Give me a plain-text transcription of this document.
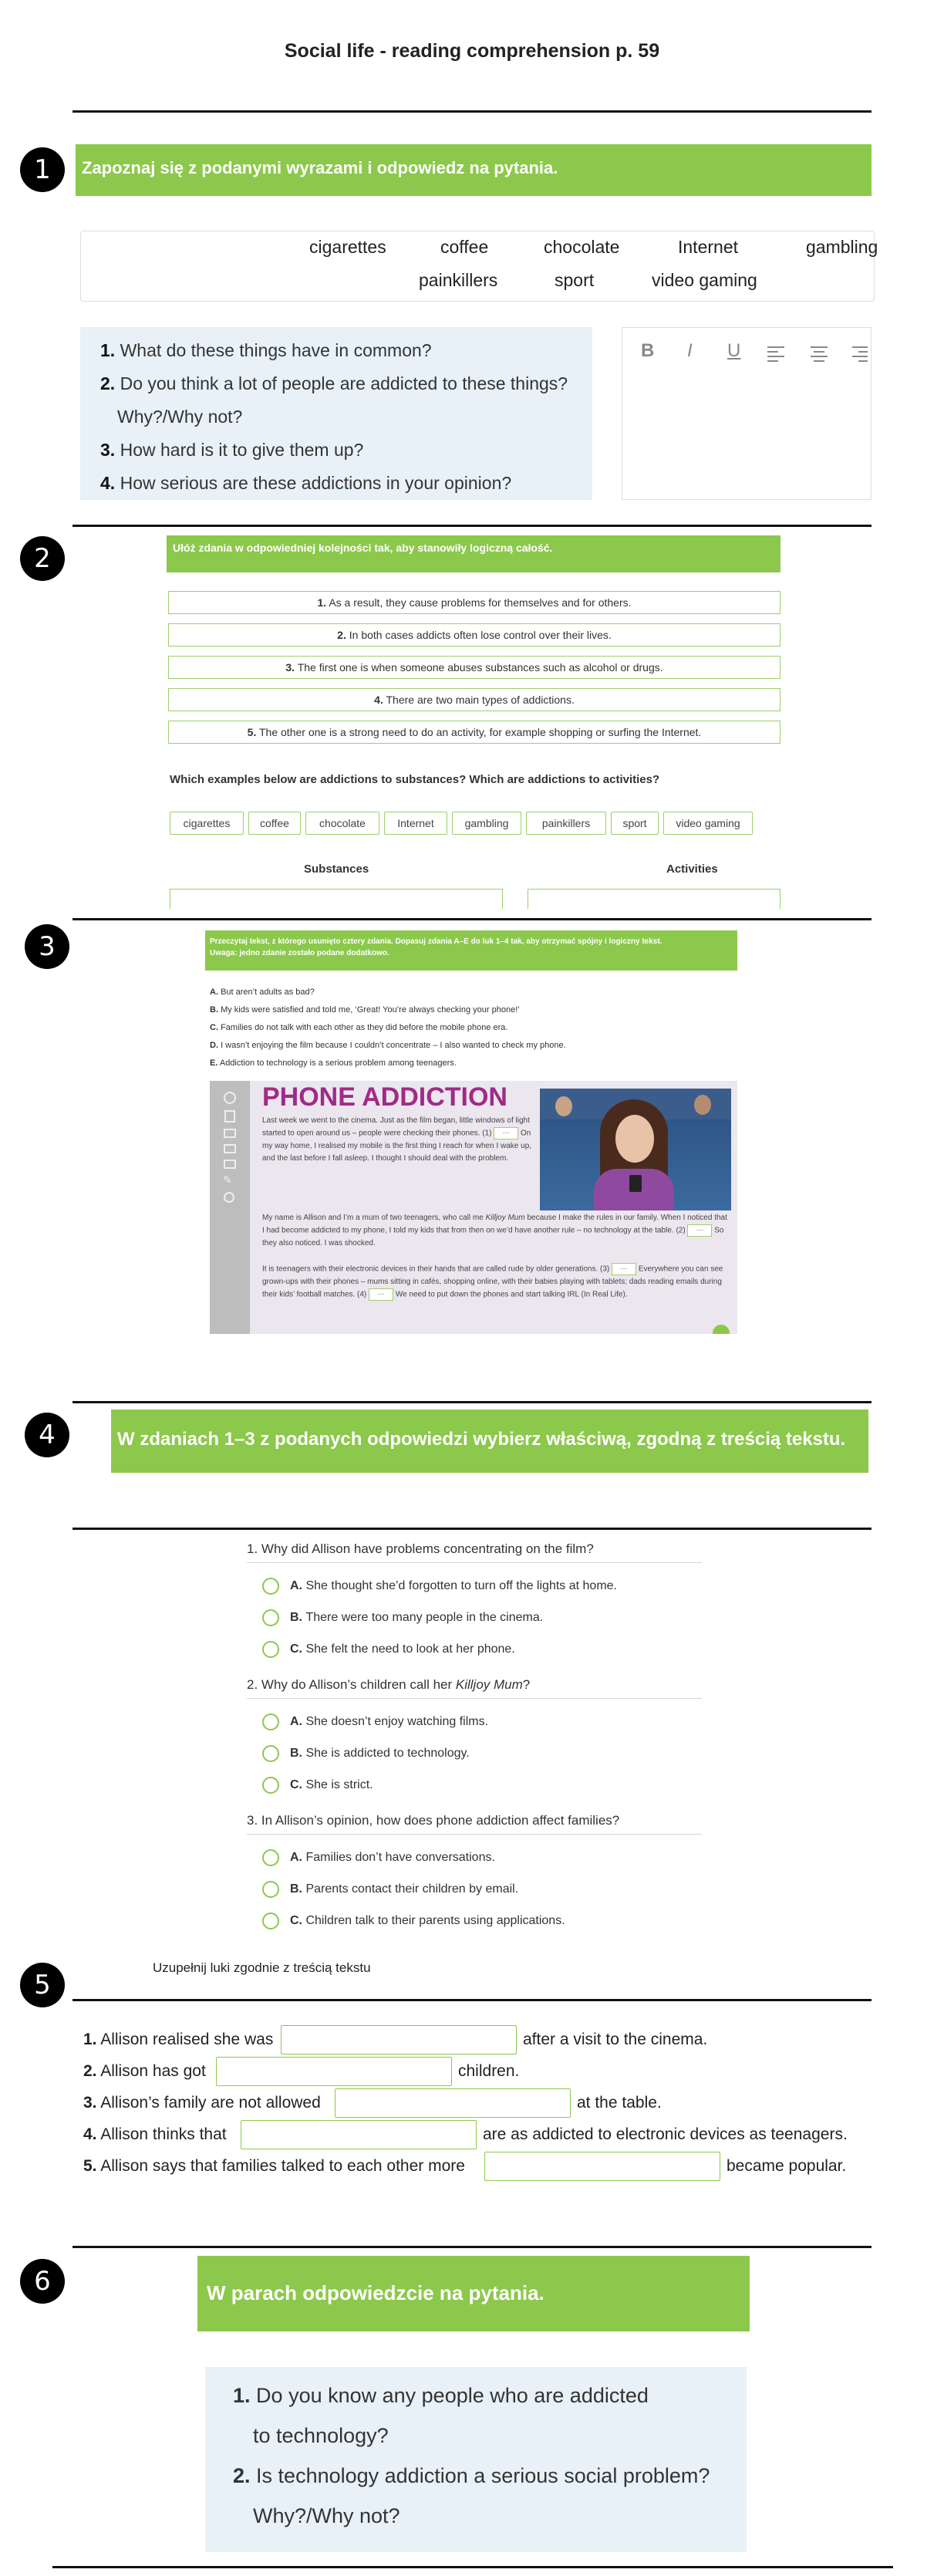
Social life - reading comprehension p. 59
1	Zapoznaj się z podanymi wyrazami i odpowiedz na pytania.
cigarettes	coffee	chocolate	Internet	gambling
painkillers	sport	video gaming
1. What do these things have in common?
2. Do you think a lot of people are addicted to these things?
Why?/Why not?
3. How hard is it to give them up?
4. How serious are these addictions in your opinion?
B I U
2	Ułóż zdania w odpowiedniej kolejności tak, aby stanowiły logiczną całość.
1. As a result, they cause problems for themselves and for others.
2. In both cases addicts often lose control over their lives.
3. The first one is when someone abuses substances such as alcohol or drugs.
4. There are two main types of addictions.
5. The other one is a strong need to do an activity, for example shopping or surfing the Internet.
Which examples below are addictions to substances? Which are addictions to activities?
cigarettes	coffee	chocolate	Internet	gambling	painkillers	sport	video gaming
Substances	Activities
3	Przeczytaj tekst, z którego usunięto cztery zdania. Dopasuj zdania A–E do luk 1–4 tak, aby otrzymać spójny i logiczny tekst.
Uwaga: jedno zdanie zostało podane dodatkowo.
A. But aren’t adults as bad?
B. My kids were satisfied and told me, ‘Great! You’re always checking your phone!’
C. Families do not talk with each other as they did before the mobile phone era.
D. I wasn’t enjoying the film because I couldn’t concentrate – I also wanted to check my phone.
E. Addiction to technology is a serious problem among teenagers.
✎
PHONE ADDICTION
Last week we went to the cinema. Just as the film began, little windows of light started to open around us – people were checking their phones. (1) --- On my way home, I realised my mobile is the first thing I reach for when I wake up, and the last before I fall asleep. I thought I should deal with the problem.
My name is Allison and I’m a mum of two teenagers, who call me Killjoy Mum because I make the rules in our family. When I noticed that I had become addicted to my phone, I told my kids that from then on we’d have another rule – no technology at the table. (2) --- So they also noticed. I was shocked.
It is teenagers with their electronic devices in their hands that are called rude by older generations. (3) --- Everywhere you can see grown-ups with their phones – mums sitting in cafés, shopping online, with their babies playing with tablets; dads reading emails during their kids’ football matches. (4) --- We need to put down the phones and start talking IRL (In Real Life).
4	W zdaniach 1–3 z podanych odpowiedzi wybierz właściwą, zgodną z treścią tekstu.
1. Why did Allison have problems concentrating on the film?
A.
She thought she’d forgotten to turn off the lights at home.
B.
There were too many people in the cinema.
C.
She felt the need to look at her phone.
2. Why do Allison’s children call her Killjoy Mum?
A.
She doesn’t enjoy watching films.
B.
She is addicted to technology.
C.
She is strict.
3. In Allison’s opinion, how does phone addiction affect families?
A.
Families don’t have conversations.
B.
Parents contact their children by email.
C.
Children talk to their parents using applications.
5
Uzupełnij luki zgodnie z treścią tekstu
1. Allison realised she was	after a visit to the cinema.
2. Allison has got	children.
3. Allison’s family are not allowed	at the table.
4. Allison thinks that	are as addicted to electronic devices as teenagers.
5. Allison says that families talked to each other more	became popular.
6	W parach odpowiedzcie na pytania.
1. Do you know any people who are addicted
to technology?
2. Is technology addiction a serious social problem?
Why?/Why not?
